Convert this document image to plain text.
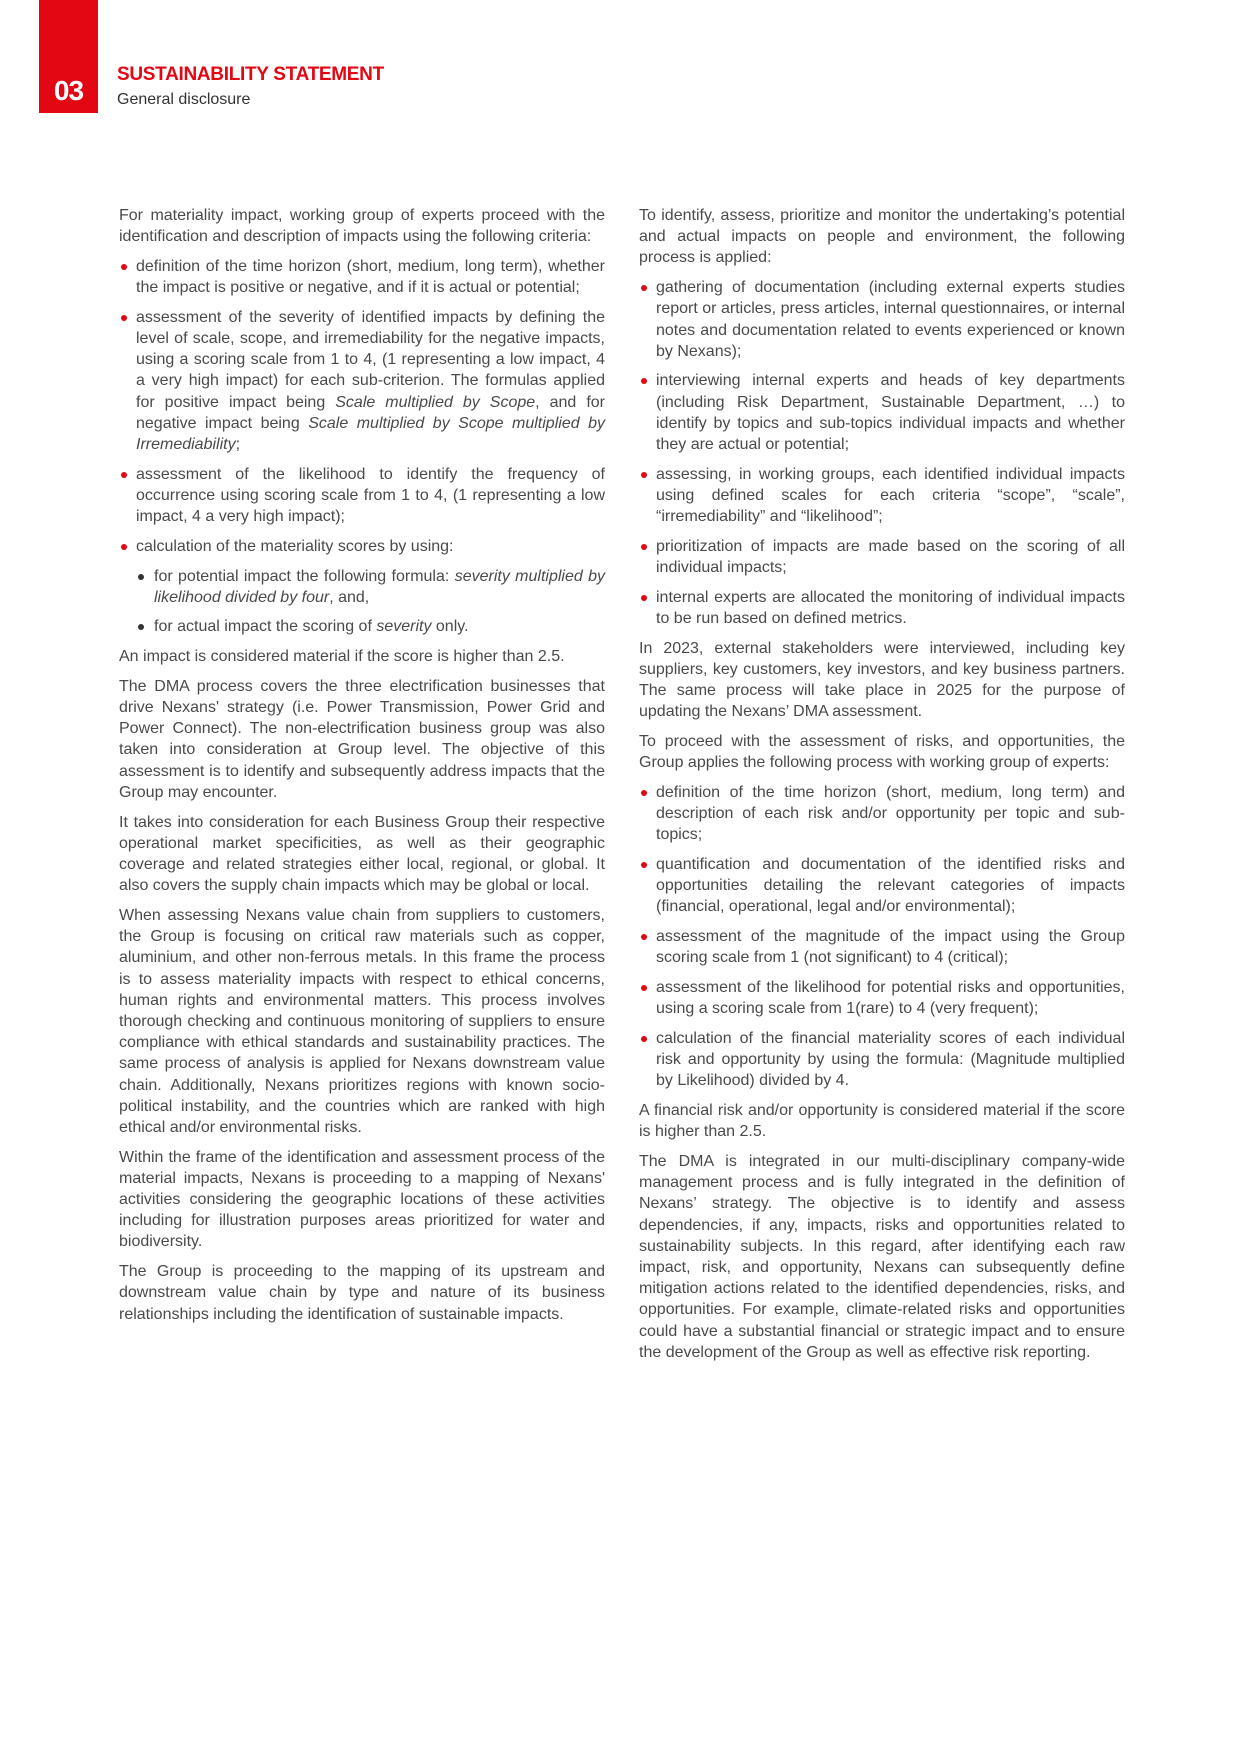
03
SUSTAINABILITY STATEMENT

General disclosure

For materiality impact, working group of experts proceed with the identification and description of impacts using the following criteria:

definition of the time horizon (short, medium, long term), whether the impact is positive or negative, and if it is actual or potential;
assessment of the severity of identified impacts by defining the level of scale, scope, and irremediability for the negative impacts, using a scoring scale from 1 to 4, (1 representing a low impact, 4 a very high impact) for each sub-criterion. The formulas applied for positive impact being Scale multiplied by Scope, and for negative impact being Scale multiplied by Scope multiplied by Irremediability;
assessment of the likelihood to identify the frequency of occurrence using scoring scale from 1 to 4, (1 representing a low impact, 4 a very high impact);
calculation of the materiality scores by using:
for potential impact the following formula: severity multiplied by likelihood divided by four, and,
for actual impact the scoring of severity only.

An impact is considered material if the score is higher than 2.5.

The DMA process covers the three electrification businesses that drive Nexans' strategy (i.e. Power Transmission, Power Grid and Power Connect). The non-electrification business group was also taken into consideration at Group level. The objective of this assessment is to identify and subsequently address impacts that the Group may encounter.

It takes into consideration for each Business Group their respective operational market specificities, as well as their geographic coverage and related strategies either local, regional, or global. It also covers the supply chain impacts which may be global or local.

When assessing Nexans value chain from suppliers to customers, the Group is focusing on critical raw materials such as copper, aluminium, and other non-ferrous metals. In this frame the process is to assess materiality impacts with respect to ethical concerns, human rights and environmental matters. This process involves thorough checking and continuous monitoring of suppliers to ensure compliance with ethical standards and sustainability practices. The same process of analysis is applied for Nexans downstream value chain. Additionally, Nexans prioritizes regions with known socio-political instability, and the countries which are ranked with high ethical and/or environmental risks.

Within the frame of the identification and assessment process of the material impacts, Nexans is proceeding to a mapping of Nexans' activities considering the geographic locations of these activities including for illustration purposes areas prioritized for water and biodiversity.

The Group is proceeding to the mapping of its upstream and downstream value chain by type and nature of its business relationships including the identification of sustainable impacts.

To identify, assess, prioritize and monitor the undertaking’s potential and actual impacts on people and environment, the following process is applied:

gathering of documentation (including external experts studies report or articles, press articles, internal questionnaires, or internal notes and documentation related to events experienced or known by Nexans);
interviewing internal experts and heads of key departments (including Risk Department, Sustainable Department, …) to identify by topics and sub-topics individual impacts and whether they are actual or potential;
assessing, in working groups, each identified individual impacts using defined scales for each criteria “scope”, “scale”, “irremediability” and “likelihood”;
prioritization of impacts are made based on the scoring of all individual impacts;
internal experts are allocated the monitoring of individual impacts to be run based on defined metrics.

In 2023, external stakeholders were interviewed, including key suppliers, key customers, key investors, and key business partners. The same process will take place in 2025 for the purpose of updating the Nexans’ DMA assessment.

To proceed with the assessment of risks, and opportunities, the Group applies the following process with working group of experts:

definition of the time horizon (short, medium, long term) and description of each risk and/or opportunity per topic and sub-topics;
quantification and documentation of the identified risks and opportunities detailing the relevant categories of impacts (financial, operational, legal and/or environmental);
assessment of the magnitude of the impact using the Group scoring scale from 1 (not significant) to 4 (critical);
assessment of the likelihood for potential risks and opportunities, using a scoring scale from 1(rare) to 4 (very frequent);
calculation of the financial materiality scores of each individual risk and opportunity by using the formula: (Magnitude multiplied by Likelihood) divided by 4.

A financial risk and/or opportunity is considered material if the score is higher than 2.5.

The DMA is integrated in our multi-disciplinary company-wide management process and is fully integrated in the definition of Nexans’ strategy. The objective is to identify and assess dependencies, if any, impacts, risks and opportunities related to sustainability subjects. In this regard, after identifying each raw impact, risk, and opportunity, Nexans can subsequently define mitigation actions related to the identified dependencies, risks, and opportunities. For example, climate-related risks and opportunities could have a substantial financial or strategic impact and to ensure the development of the Group as well as effective risk reporting.
